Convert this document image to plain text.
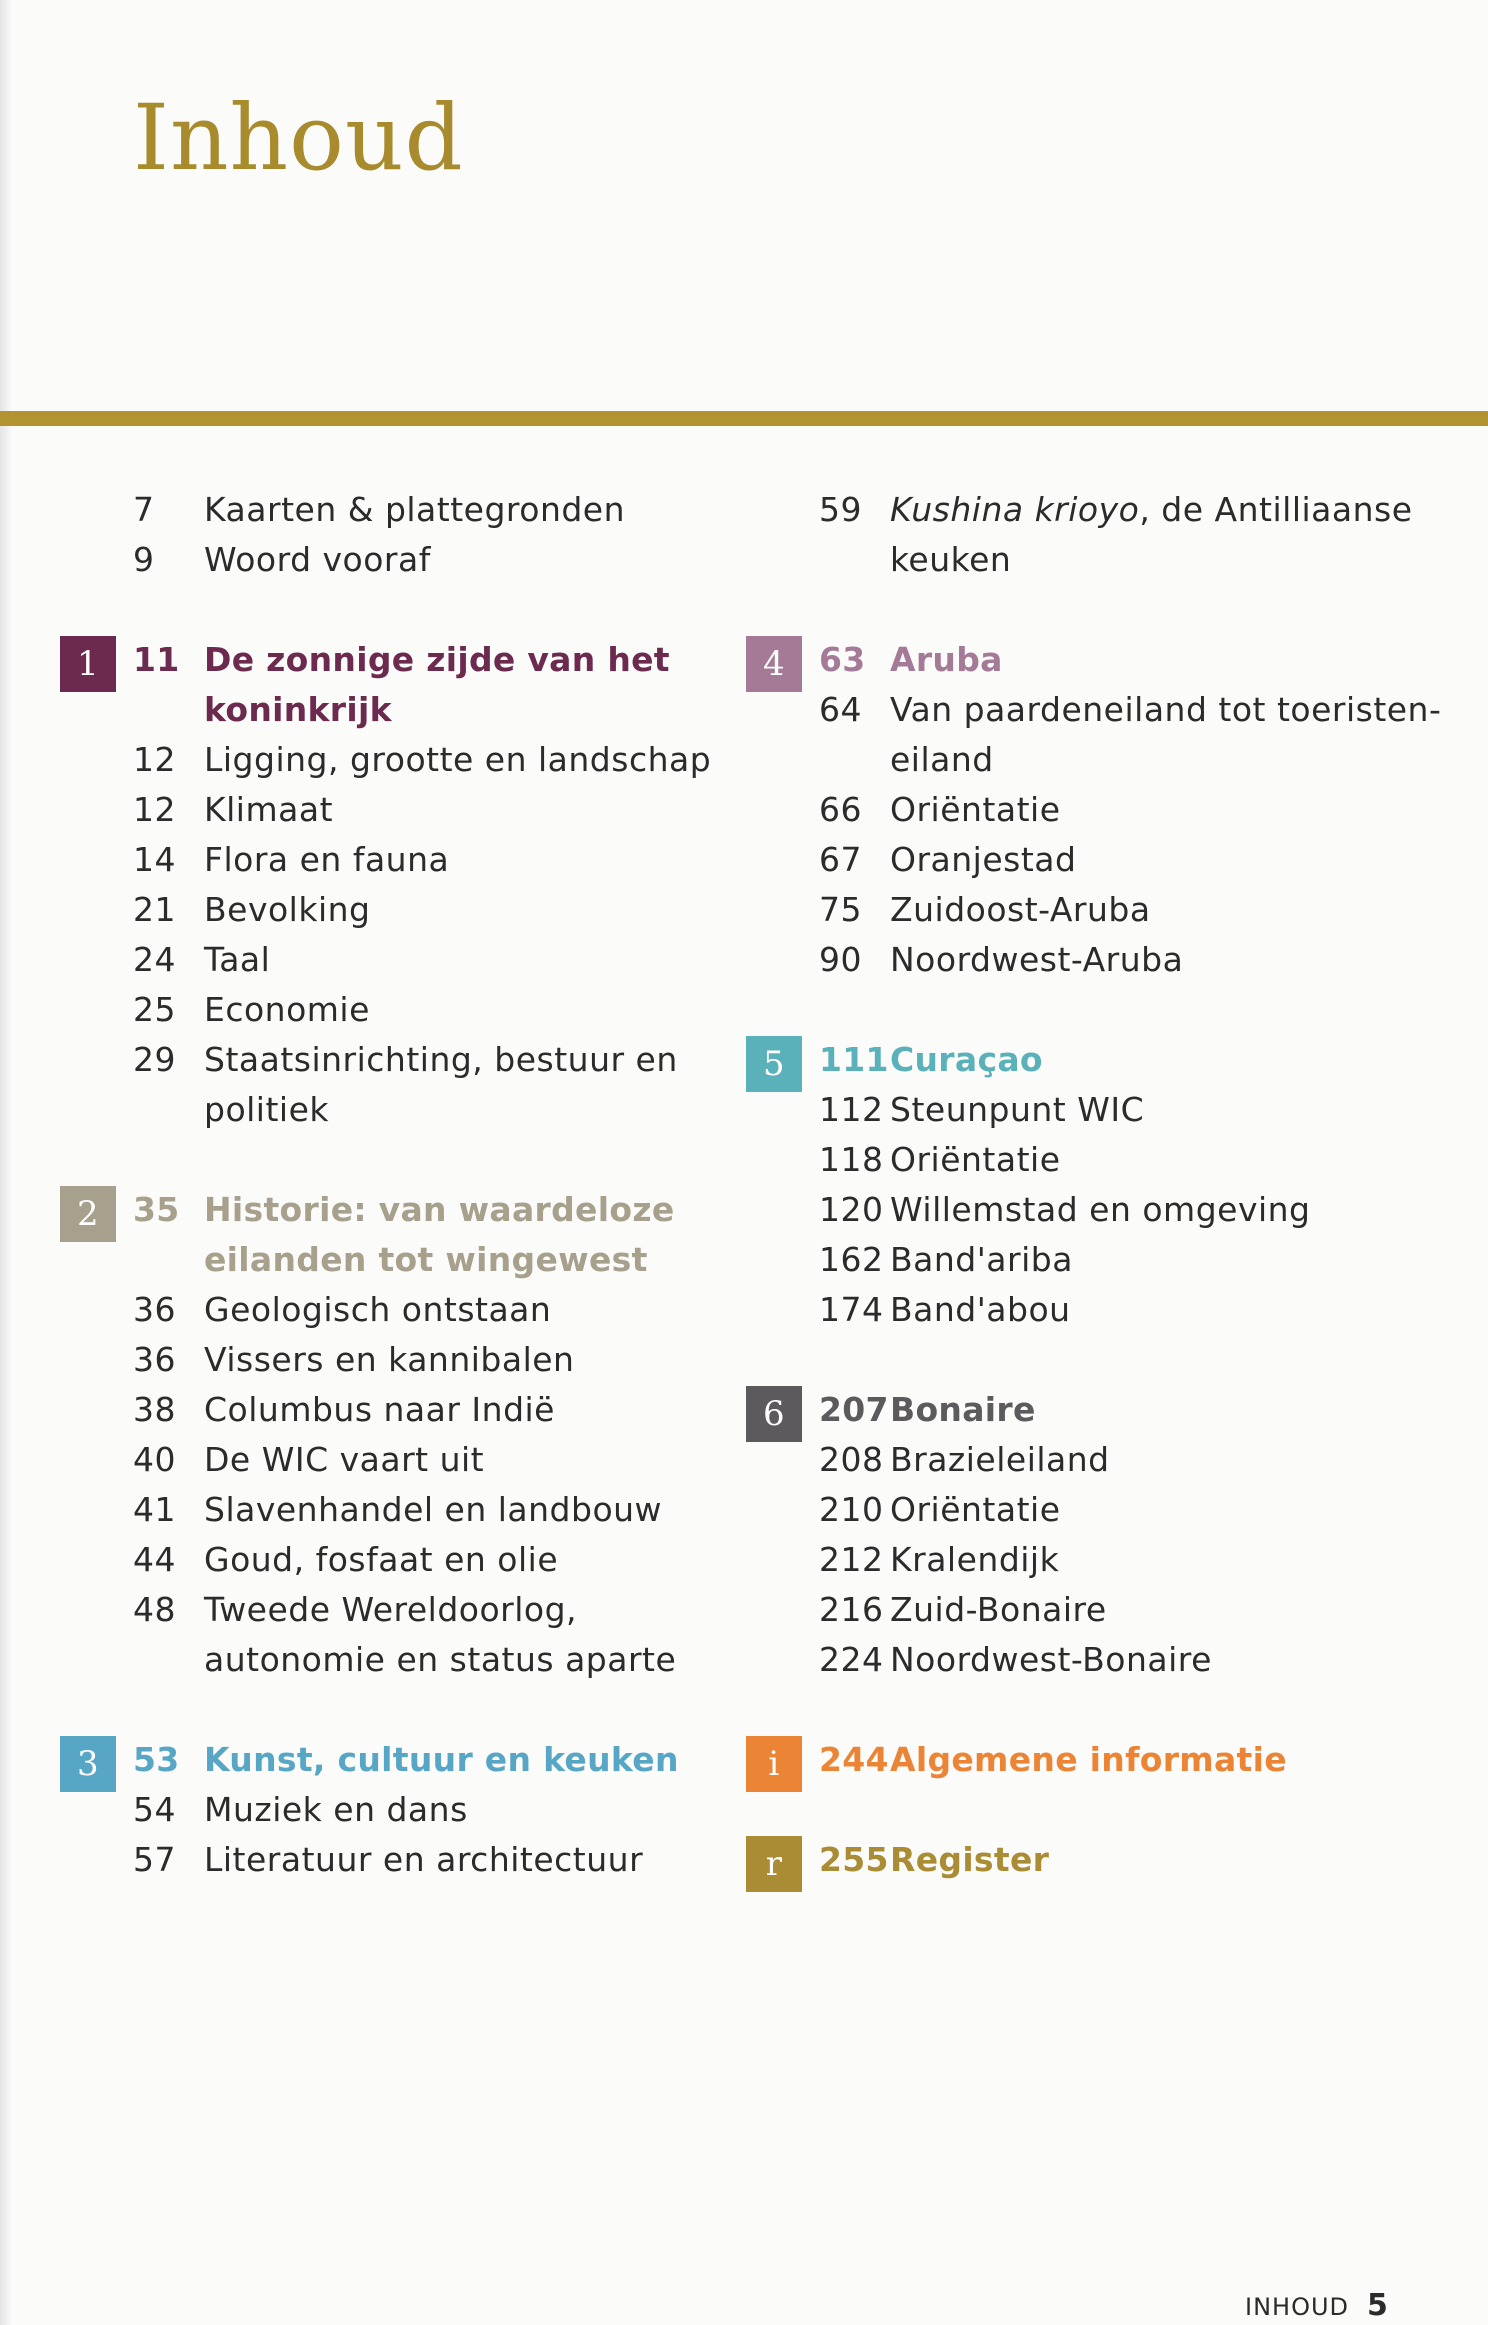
Inhoud
7	Kaarten & plattegronden
9	Woord vooraf
1	11 De zonnige zijde van het koninkrijk
12 Ligging, grootte en landschap
12 Klimaat
14 Flora en fauna
21 Bevolking
24 Taal
25 Economie
29 Staatsinrichting, bestuur en politiek
2	35 Historie: van waardeloze eilanden tot wingewest
36 Geologisch ontstaan
36 Vissers en kannibalen
38 Columbus naar Indië
40 De WIC vaart uit
41 Slavenhandel en landbouw
44 Goud, fosfaat en olie
48 Tweede Wereldoorlog, autonomie en status aparte
3	53 Kunst, cultuur en keuken
54 Muziek en dans
57 Literatuur en architectuur
59 Kushina krioyo, de Antilliaanse keuken
4	63 Aruba
64 Van paardeneiland tot toeristen-eiland
66 Oriëntatie
67 Oranjestad
75 Zuidoost-Aruba
90 Noordwest-Aruba
5	111 Curaçao
112 Steunpunt WIC
118 Oriëntatie
120 Willemstad en omgeving
162 Band'ariba
174 Band'abou
6	207 Bonaire
208 Brazieleiland
210 Oriëntatie
212 Kralendijk
216 Zuid-Bonaire
224 Noordwest-Bonaire
i	244 Algemene informatie
r	255 Register
INHOUD 5
